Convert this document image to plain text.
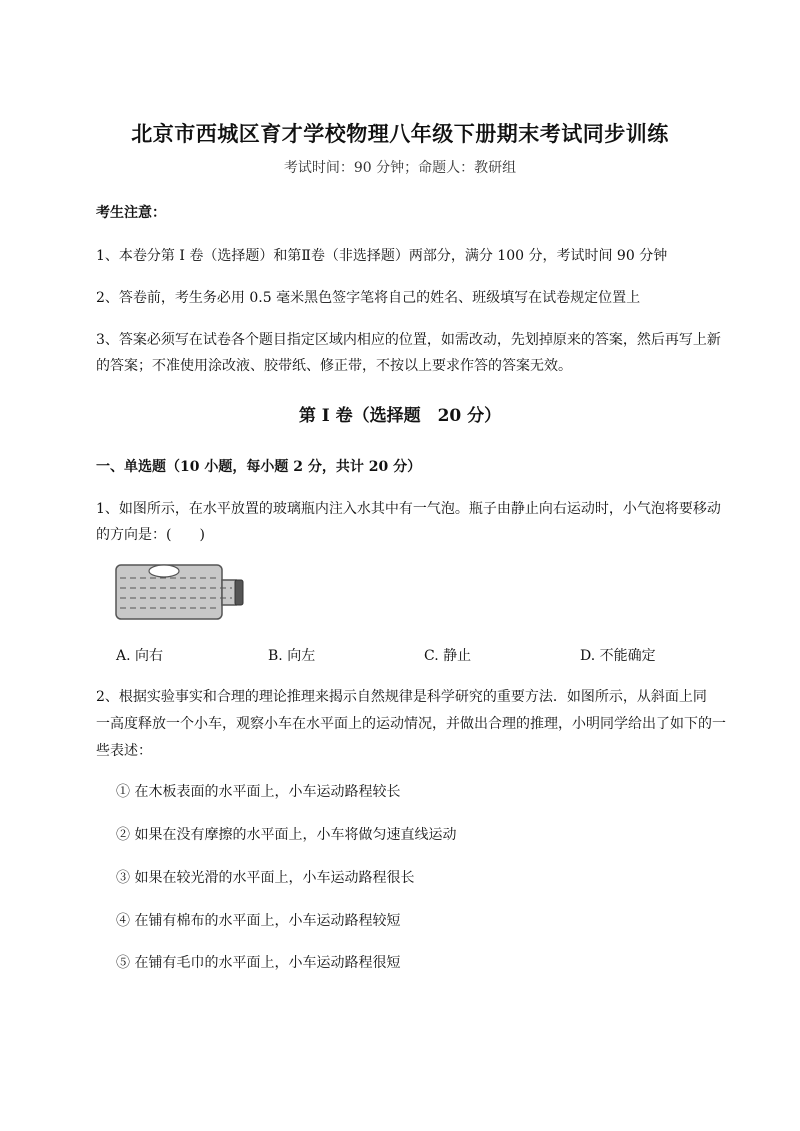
北京市西城区育才学校物理八年级下册期末考试同步训练
考试时间：90 分钟；命题人：教研组
考生注意：
1、本卷分第 I 卷（选择题）和第Ⅱ卷（非选择题）两部分，满分 100 分，考试时间 90 分钟
2、答卷前，考生务必用 0.5 毫米黑色签字笔将自己的姓名、班级填写在试卷规定位置上
3、答案必须写在试卷各个题目指定区域内相应的位置，如需改动，先划掉原来的答案，然后再写上新
的答案；不准使用涂改液、胶带纸、修正带，不按以上要求作答的答案无效。
第 I 卷（选择题　20 分）
一、单选题（10 小题，每小题 2 分，共计 20 分）
1、如图所示，在水平放置的玻璃瓶内注入水其中有一气泡。瓶子由静止向右运动时，小气泡将要移动
的方向是：(　　)
A. 向右	B. 向左	C. 静止	D. 不能确定
2、根据实验事实和合理的理论推理来揭示自然规律是科学研究的重要方法．如图所示，从斜面上同
一高度释放一个小车，观察小车在水平面上的运动情况，并做出合理的推理，小明同学给出了如下的一
些表述：
① 在木板表面的水平面上，小车运动路程较长
② 如果在没有摩擦的水平面上，小车将做匀速直线运动
③ 如果在较光滑的水平面上，小车运动路程很长
④ 在铺有棉布的水平面上，小车运动路程较短
⑤ 在铺有毛巾的水平面上，小车运动路程很短
